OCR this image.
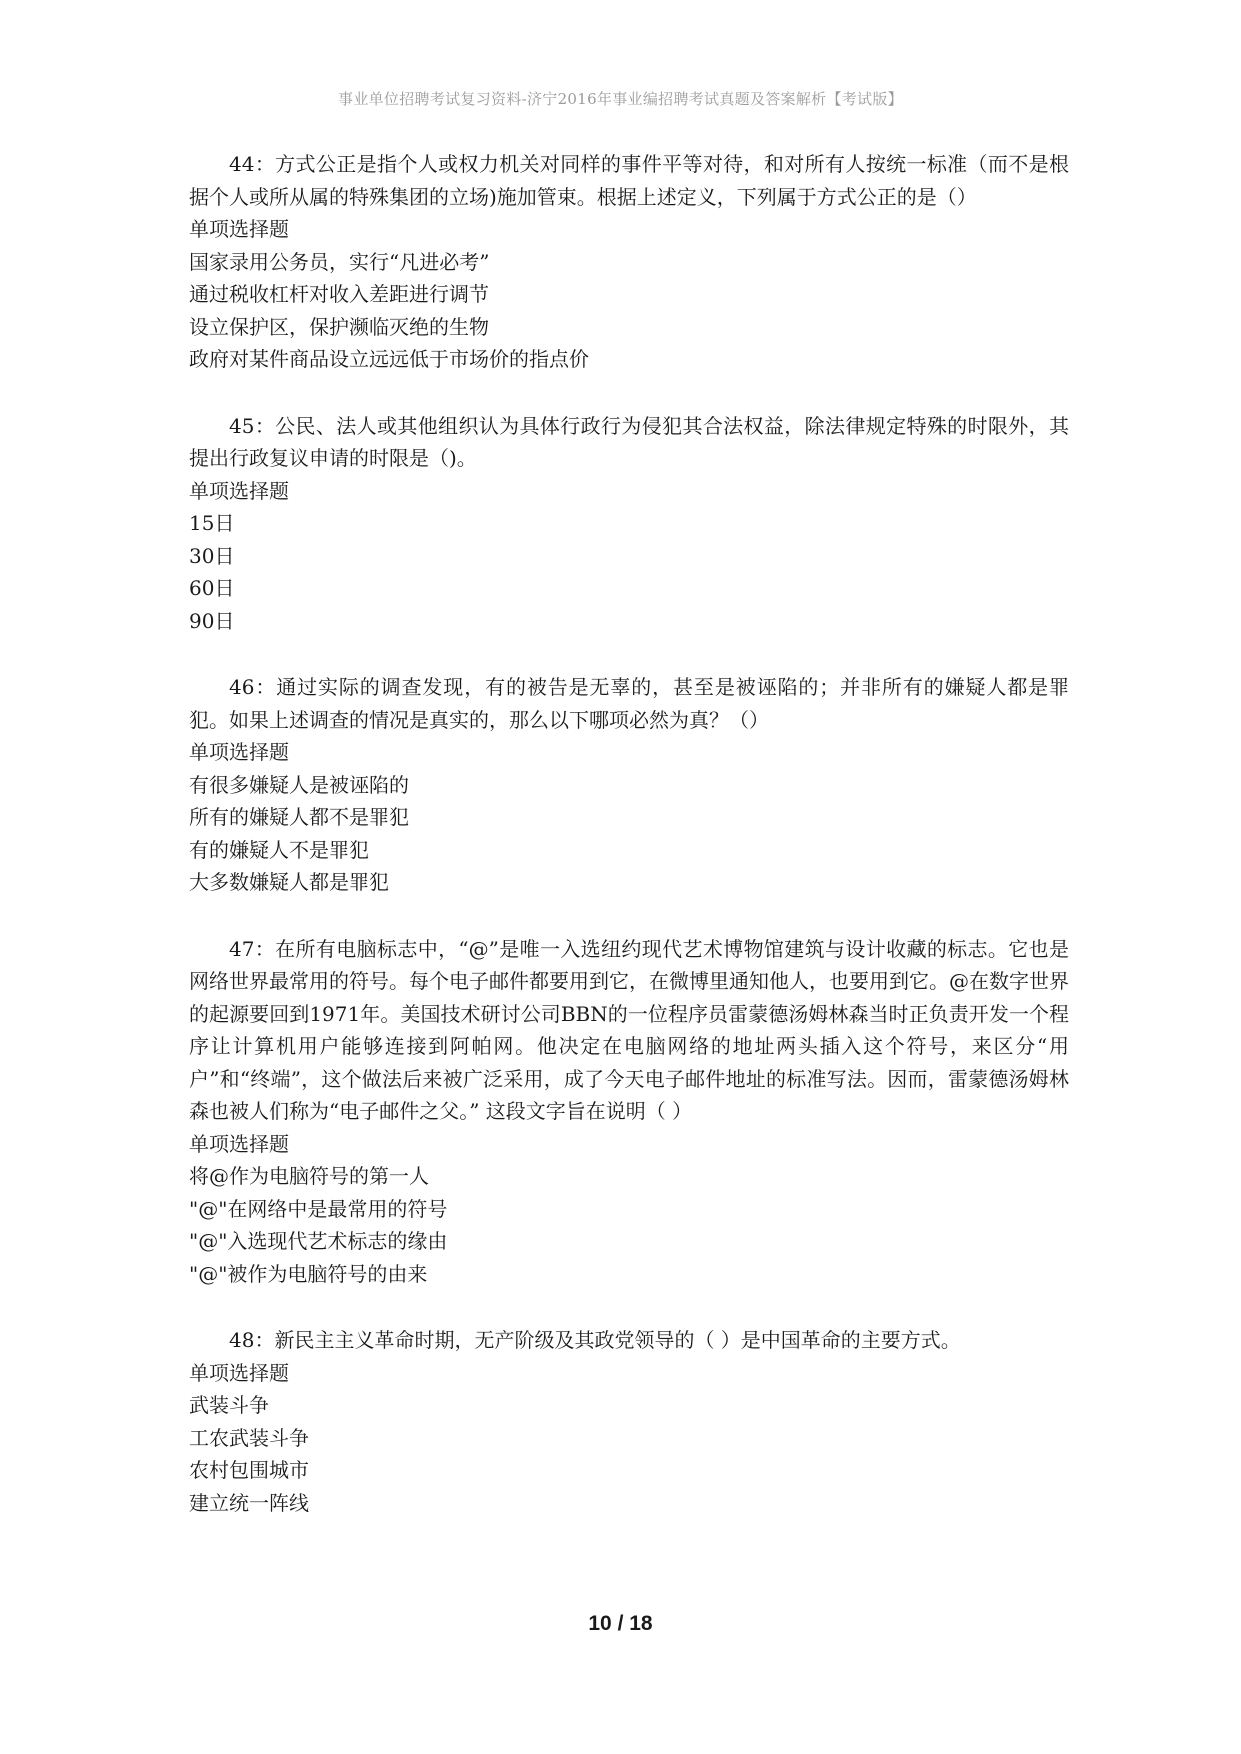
事业单位招聘考试复习资料-济宁2016年事业编招聘考试真题及答案解析【考试版】

44：方式公正是指个人或权力机关对同样的事件平等对待，和对所有人按统一标准（而不是根据个人或所从属的特殊集团的立场)施加管束。根据上述定义，下列属于方式公正的是（）

单项选择题

国家录用公务员，实行“凡进必考”

通过税收杠杆对收入差距进行调节

设立保护区，保护濒临灭绝的生物

政府对某件商品设立远远低于市场价的指点价

45：公民、法人或其他组织认为具体行政行为侵犯其合法权益，除法律规定特殊的时限外，其提出行政复议申请的时限是（)。

单项选择题

15日

30日

60日

90日

46：通过实际的调查发现，有的被告是无辜的，甚至是被诬陷的；并非所有的嫌疑人都是罪犯。如果上述调查的情况是真实的，那么以下哪项必然为真？（）

单项选择题

有很多嫌疑人是被诬陷的

所有的嫌疑人都不是罪犯

有的嫌疑人不是罪犯

大多数嫌疑人都是罪犯

47：在所有电脑标志中，“@”是唯一入选纽约现代艺术博物馆建筑与设计收藏的标志。它也是网络世界最常用的符号。每个电子邮件都要用到它，在微博里通知他人，也要用到它。@在数字世界的起源要回到1971年。美国技术研讨公司BBN的一位程序员雷蒙德汤姆林森当时正负责开发一个程序让计算机用户能够连接到阿帕网。他决定在电脑网络的地址两头插入这个符号，来区分“用户”和“终端”，这个做法后来被广泛采用，成了今天电子邮件地址的标准写法。因而，雷蒙德汤姆林森也被人们称为“电子邮件之父。” 这段文字旨在说明（ ）

单项选择题

将@作为电脑符号的第一人

"@"在网络中是最常用的符号

"@"入选现代艺术标志的缘由

"@"被作为电脑符号的由来

48：新民主主义革命时期，无产阶级及其政党领导的（ ）是中国革命的主要方式。

单项选择题

武装斗争

工农武装斗争

农村包围城市

建立统一阵线

10 / 18
